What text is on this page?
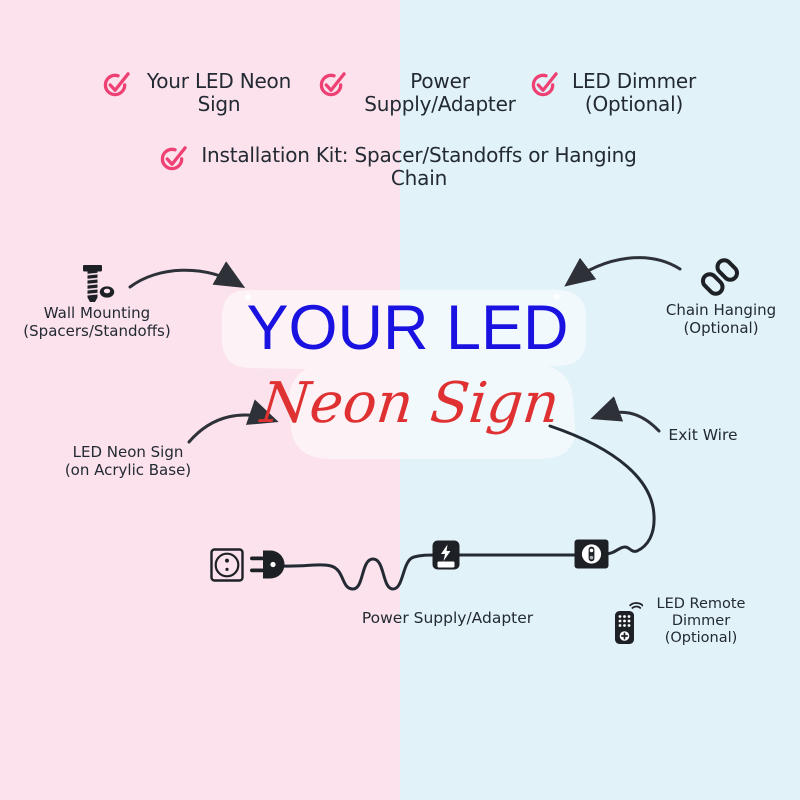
Your LED Neon
Sign
Power
Supply/Adapter
LED Dimmer
(Optional)
Installation Kit: Spacer/Standoffs or Hanging
Chain
YOUR LED
Neon Sign
Wall Mounting
(Spacers/Standoffs)
Chain Hanging
(Optional)
LED Neon Sign
(on Acrylic Base)
Exit Wire
Power Supply/Adapter
LED Remote
Dimmer
(Optional)
